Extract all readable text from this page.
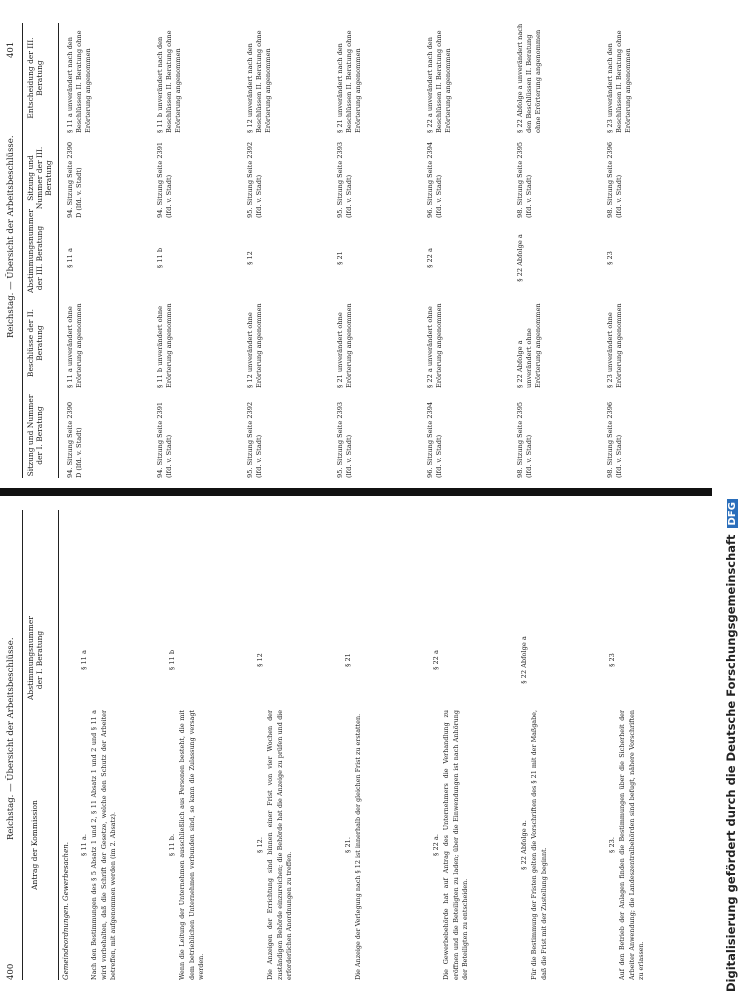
Reichstag. — Übersicht der Arbeitsbeschlüsse.
401
Sitzung und Nummer der I. Beratung
Beschlüsse der II. Beratung
Abstimmungsnummer der III. Beratung
Sitzung und Nummer der III. Beratung
Entscheidung der III. Beratung
94. Sitzung Seite 2390 D (lfd. v. Stadt)
§ 11 a unverändert ohne Erörterung angenommen
§ 11 a
94. Sitzung Seite 2390 D (lfd. v. Stadt)
§ 11 a unverändert nach den Beschlüssen II. Beratung ohne Erörterung angenommen
94. Sitzung Seite 2391 (lfd. v. Stadt)
§ 11 b unverändert ohne Erörterung angenommen
§ 11 b
94. Sitzung Seite 2391 (lfd. v. Stadt)
§ 11 b unverändert nach den Beschlüssen II. Beratung ohne Erörterung angenommen
95. Sitzung Seite 2392 (lfd. v. Stadt)
§ 12 unverändert ohne Erörterung angenommen
§ 12
95. Sitzung Seite 2392 (lfd. v. Stadt)
§ 12 unverändert nach den Beschlüssen II. Beratung ohne Erörterung angenommen
95. Sitzung Seite 2393 (lfd. v. Stadt)
§ 21 unverändert ohne Erörterung angenommen
§ 21
95. Sitzung Seite 2393 (lfd. v. Stadt)
§ 21 unverändert nach den Beschlüssen II. Beratung ohne Erörterung angenommen
96. Sitzung Seite 2394 (lfd. v. Stadt)
§ 22 a unverändert ohne Erörterung angenommen
§ 22 a
96. Sitzung Seite 2394 (lfd. v. Stadt)
§ 22 a unverändert nach den Beschlüssen II. Beratung ohne Erörterung angenommen
98. Sitzung Seite 2395 (lfd. v. Stadt)
§ 22 Abfolge a unverändert ohne Erörterung angenommen
§ 22 Abfolge a
98. Sitzung Seite 2395 (lfd. v. Stadt)
§ 22 Abfolge a unverändert nach den Beschlüssen II. Beratung ohne Erörterung angenommen
98. Sitzung Seite 2396 (lfd. v. Stadt)
§ 23 unverändert ohne Erörterung angenommen
§ 23
98. Sitzung Seite 2396 (lfd. v. Stadt)
§ 23 unverändert nach den Beschlüssen II. Beratung ohne Erörterung angenommen
Reichstag. — Übersicht der Arbeitsbeschlüsse.
400
Antrag der Kommission
Abstimmungsnummer der I. Beratung
Gemeindeordnungen. Gewerbesachen. § 11 a. Nach den Bestimmungen des § 5 Absatz 1 und 2, § 11 Absatz 1 und 2 und § 11 a wird vorbehalten, daß die Schrift der Gesetze, welche den Schutz der Arbeiter betreffen, mit aufgenommen werden (im 2. Absatz).
§ 11 a
§ 11 b. Wenn die Leitung der Unternehmen ausschließlich aus Personen besteht, die mit dem betrieblichen Unternehmen verbunden sind, so kann die Zulassung versagt werden.
§ 11 b
§ 12. Die Anzeigen der Errichtung sind binnen einer Frist von vier Wochen der zuständigen Behörde einzureichen; die Behörde hat die Anzeige zu prüfen und die erforderlichen Anordnungen zu treffen.
§ 12
§ 21. Die Anzeige der Verlegung nach § 12 ist innerhalb der gleichen Frist zu erstatten.
§ 21
§ 22 a. Die Gewerbebehörde hat auf Antrag des Unternehmers die Verhandlung zu eröffnen und die Beteiligten zu laden; über die Einwendungen ist nach Anhörung der Beteiligten zu entscheiden.
§ 22 a
§ 22 Abfolge a. Für die Bestimmung der Fristen gelten die Vorschriften des § 21 mit der Maßgabe, daß die Frist mit der Zustellung beginnt.
§ 22 Abfolge a
§ 23. Auf den Betrieb der Anlagen finden die Bestimmungen über die Sicherheit der Arbeiter Anwendung; die Landeszentralbehörden sind befugt, nähere Vorschriften zu erlassen.
§ 23	Digitalisierung gefördert durch die Deutsche ForschungsgemeinschaftDFG
